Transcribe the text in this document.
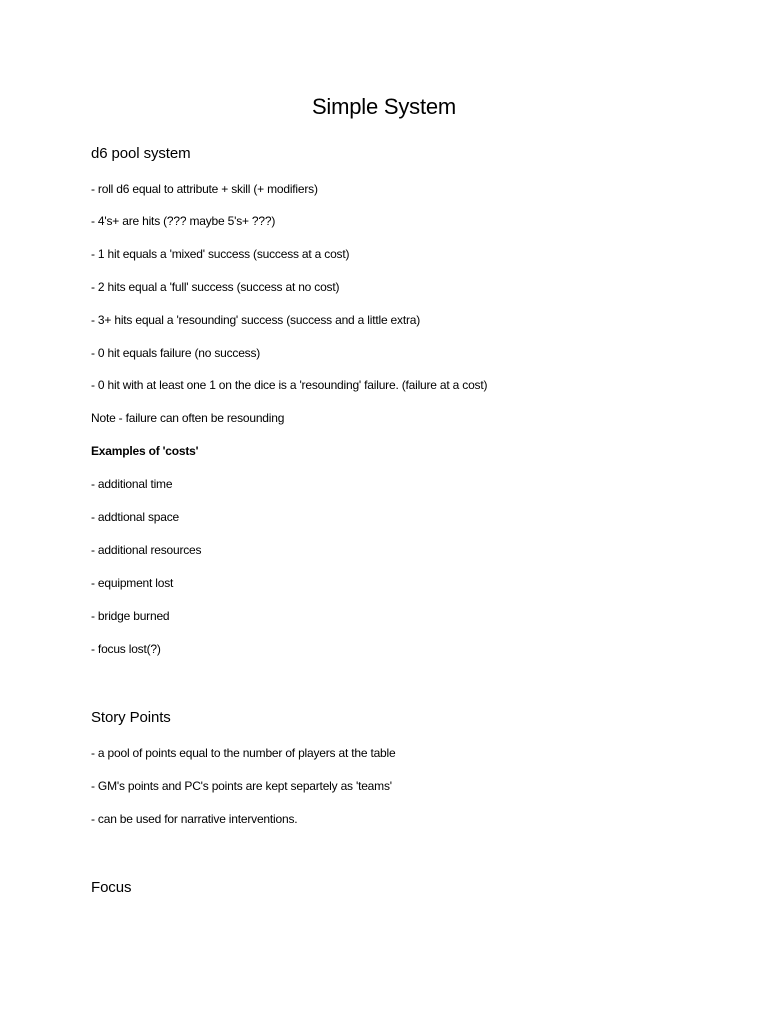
Simple System
d6 pool system
- roll d6 equal to attribute + skill (+ modifiers)
- 4's+ are hits (??? maybe 5's+ ???)
- 1 hit equals a 'mixed' success (success at a cost)
- 2 hits equal a 'full' success (success at no cost)
- 3+ hits equal a 'resounding' success (success and a little extra)
- 0 hit equals failure (no success)
- 0 hit with at least one 1 on the dice is a 'resounding' failure. (failure at a cost)
Note - failure can often be resounding
Examples of 'costs'
- additional time
- addtional space
- additional resources
- equipment lost
- bridge burned
- focus lost(?)
Story Points
- a pool of points equal to the number of players at the table
- GM's points and PC's points are kept separtely as 'teams'
- can be used for narrative interventions.
Focus
